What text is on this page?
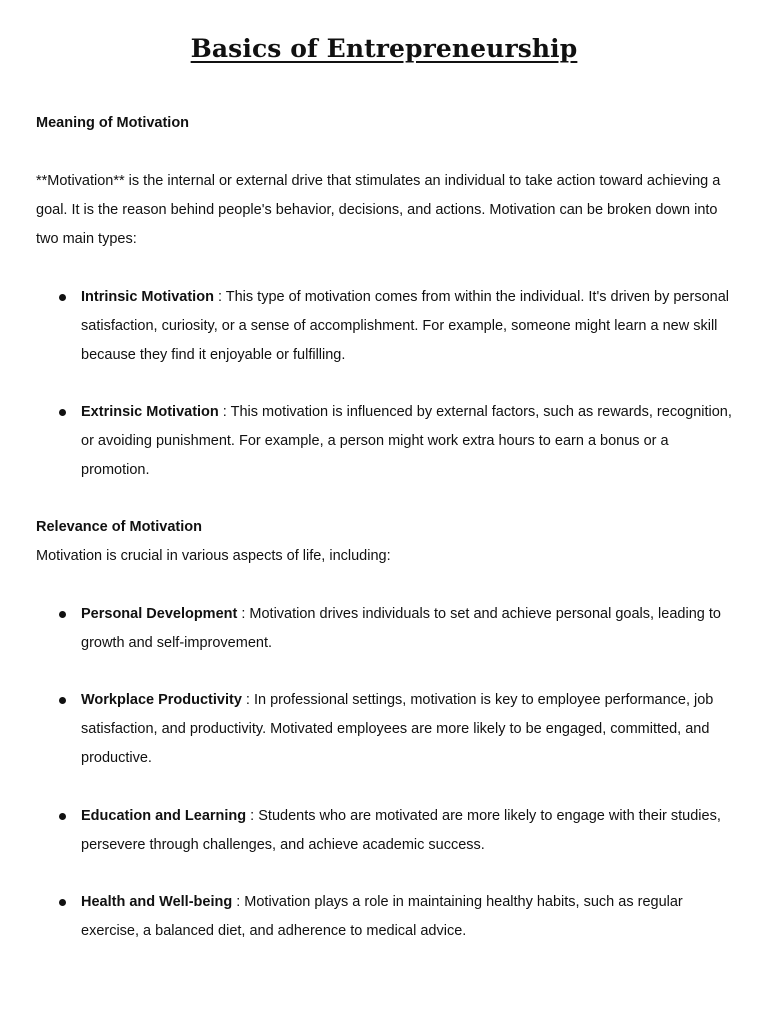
Basics of Entrepreneurship
Meaning of Motivation
**Motivation** is the internal or external drive that stimulates an individual to take action toward achieving a goal. It is the reason behind people's behavior, decisions, and actions. Motivation can be broken down into two main types:
Intrinsic Motivation : This type of motivation comes from within the individual. It's driven by personal satisfaction, curiosity, or a sense of accomplishment. For example, someone might learn a new skill because they find it enjoyable or fulfilling.
Extrinsic Motivation : This motivation is influenced by external factors, such as rewards, recognition, or avoiding punishment. For example, a person might work extra hours to earn a bonus or a promotion.
Relevance of Motivation
Motivation is crucial in various aspects of life, including:
Personal Development : Motivation drives individuals to set and achieve personal goals, leading to growth and self-improvement.
Workplace Productivity : In professional settings, motivation is key to employee performance, job satisfaction, and productivity. Motivated employees are more likely to be engaged, committed, and productive.
Education and Learning : Students who are motivated are more likely to engage with their studies, persevere through challenges, and achieve academic success.
Health and Well-being : Motivation plays a role in maintaining healthy habits, such as regular exercise, a balanced diet, and adherence to medical advice.
